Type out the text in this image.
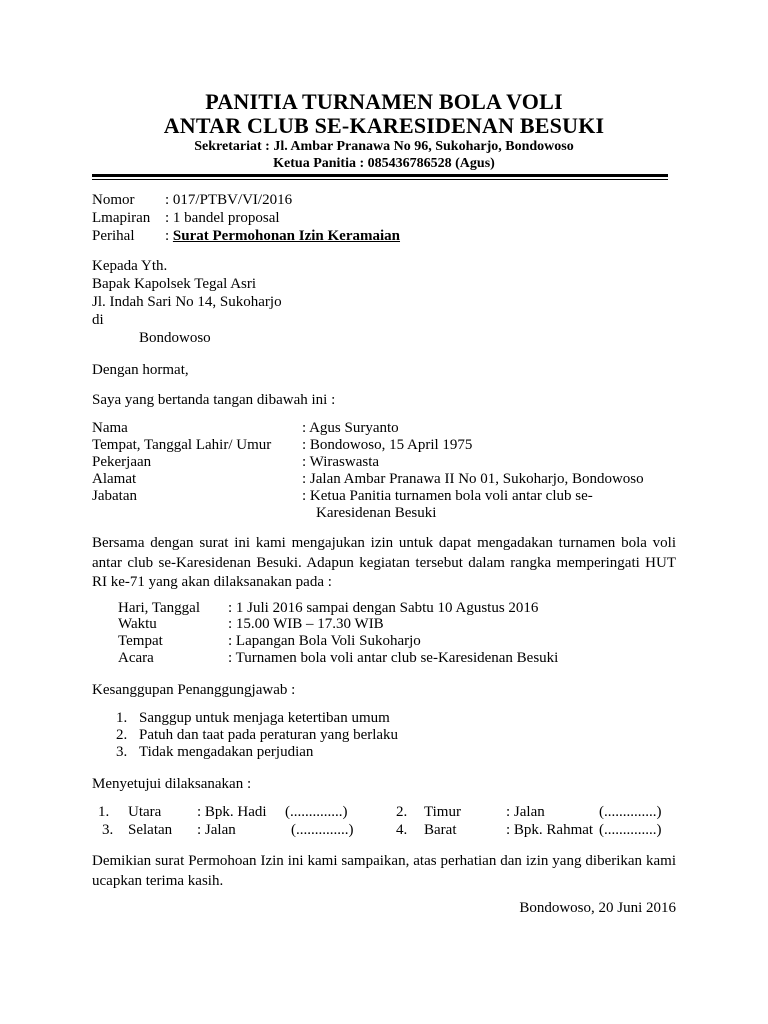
PANITIA TURNAMEN BOLA VOLI
ANTAR CLUB SE-KARESIDENAN BESUKI
Sekretariat : Jl. Ambar Pranawa No 96, Sukoharjo, Bondowoso
Ketua Panitia : 085436786528 (Agus)
Nomor : 017/PTBV/VI/2016
Lmapiran : 1 bandel proposal
Perihal : Surat Permohonan Izin Keramaian
Kepada Yth.
Bapak Kapolsek Tegal Asri
Jl. Indah Sari No 14, Sukoharjo
di
Bondowoso
Dengan hormat,
Saya yang bertanda tangan dibawah ini :
Nama	: Agus Suryanto
Tempat, Tanggal Lahir/ Umur : Bondowoso, 15 April 1975
Pekerjaan	: Wiraswasta
Alamat	: Jalan Ambar Pranawa II No 01, Sukoharjo, Bondowoso
Jabatan	: Ketua Panitia turnamen bola voli antar club se-
Karesidenan Besuki
Bersama dengan surat ini kami mengajukan izin untuk dapat mengadakan turnamen bola voli antar club se-Karesidenan Besuki. Adapun kegiatan tersebut dalam rangka memperingati HUT RI ke-71 yang akan dilaksanakan pada :
Hari, Tanggal : 1 Juli 2016 sampai dengan Sabtu 10 Agustus 2016
Waktu	: 15.00 WIB – 17.30 WIB
Tempat	: Lapangan Bola Voli Sukoharjo
Acara	: Turnamen bola voli antar club se-Karesidenan Besuki
Kesanggupan Penanggungjawab :
1. Sanggup untuk menjaga ketertiban umum
2. Patuh dan taat pada peraturan yang berlaku
3. Tidak mengadakan perjudian
Menyetujui dilaksanakan :
1. Utara : Bpk. Hadi (..............)	2. Timur	: Jalan	(..............)
3. Selatan : Jalan	(..............)	4. Barat	: Bpk. Rahmat (..............)
Demikian surat Permohoan Izin ini kami sampaikan, atas perhatian dan izin yang diberikan kami ucapkan terima kasih.
Bondowoso, 20 Juni 2016
